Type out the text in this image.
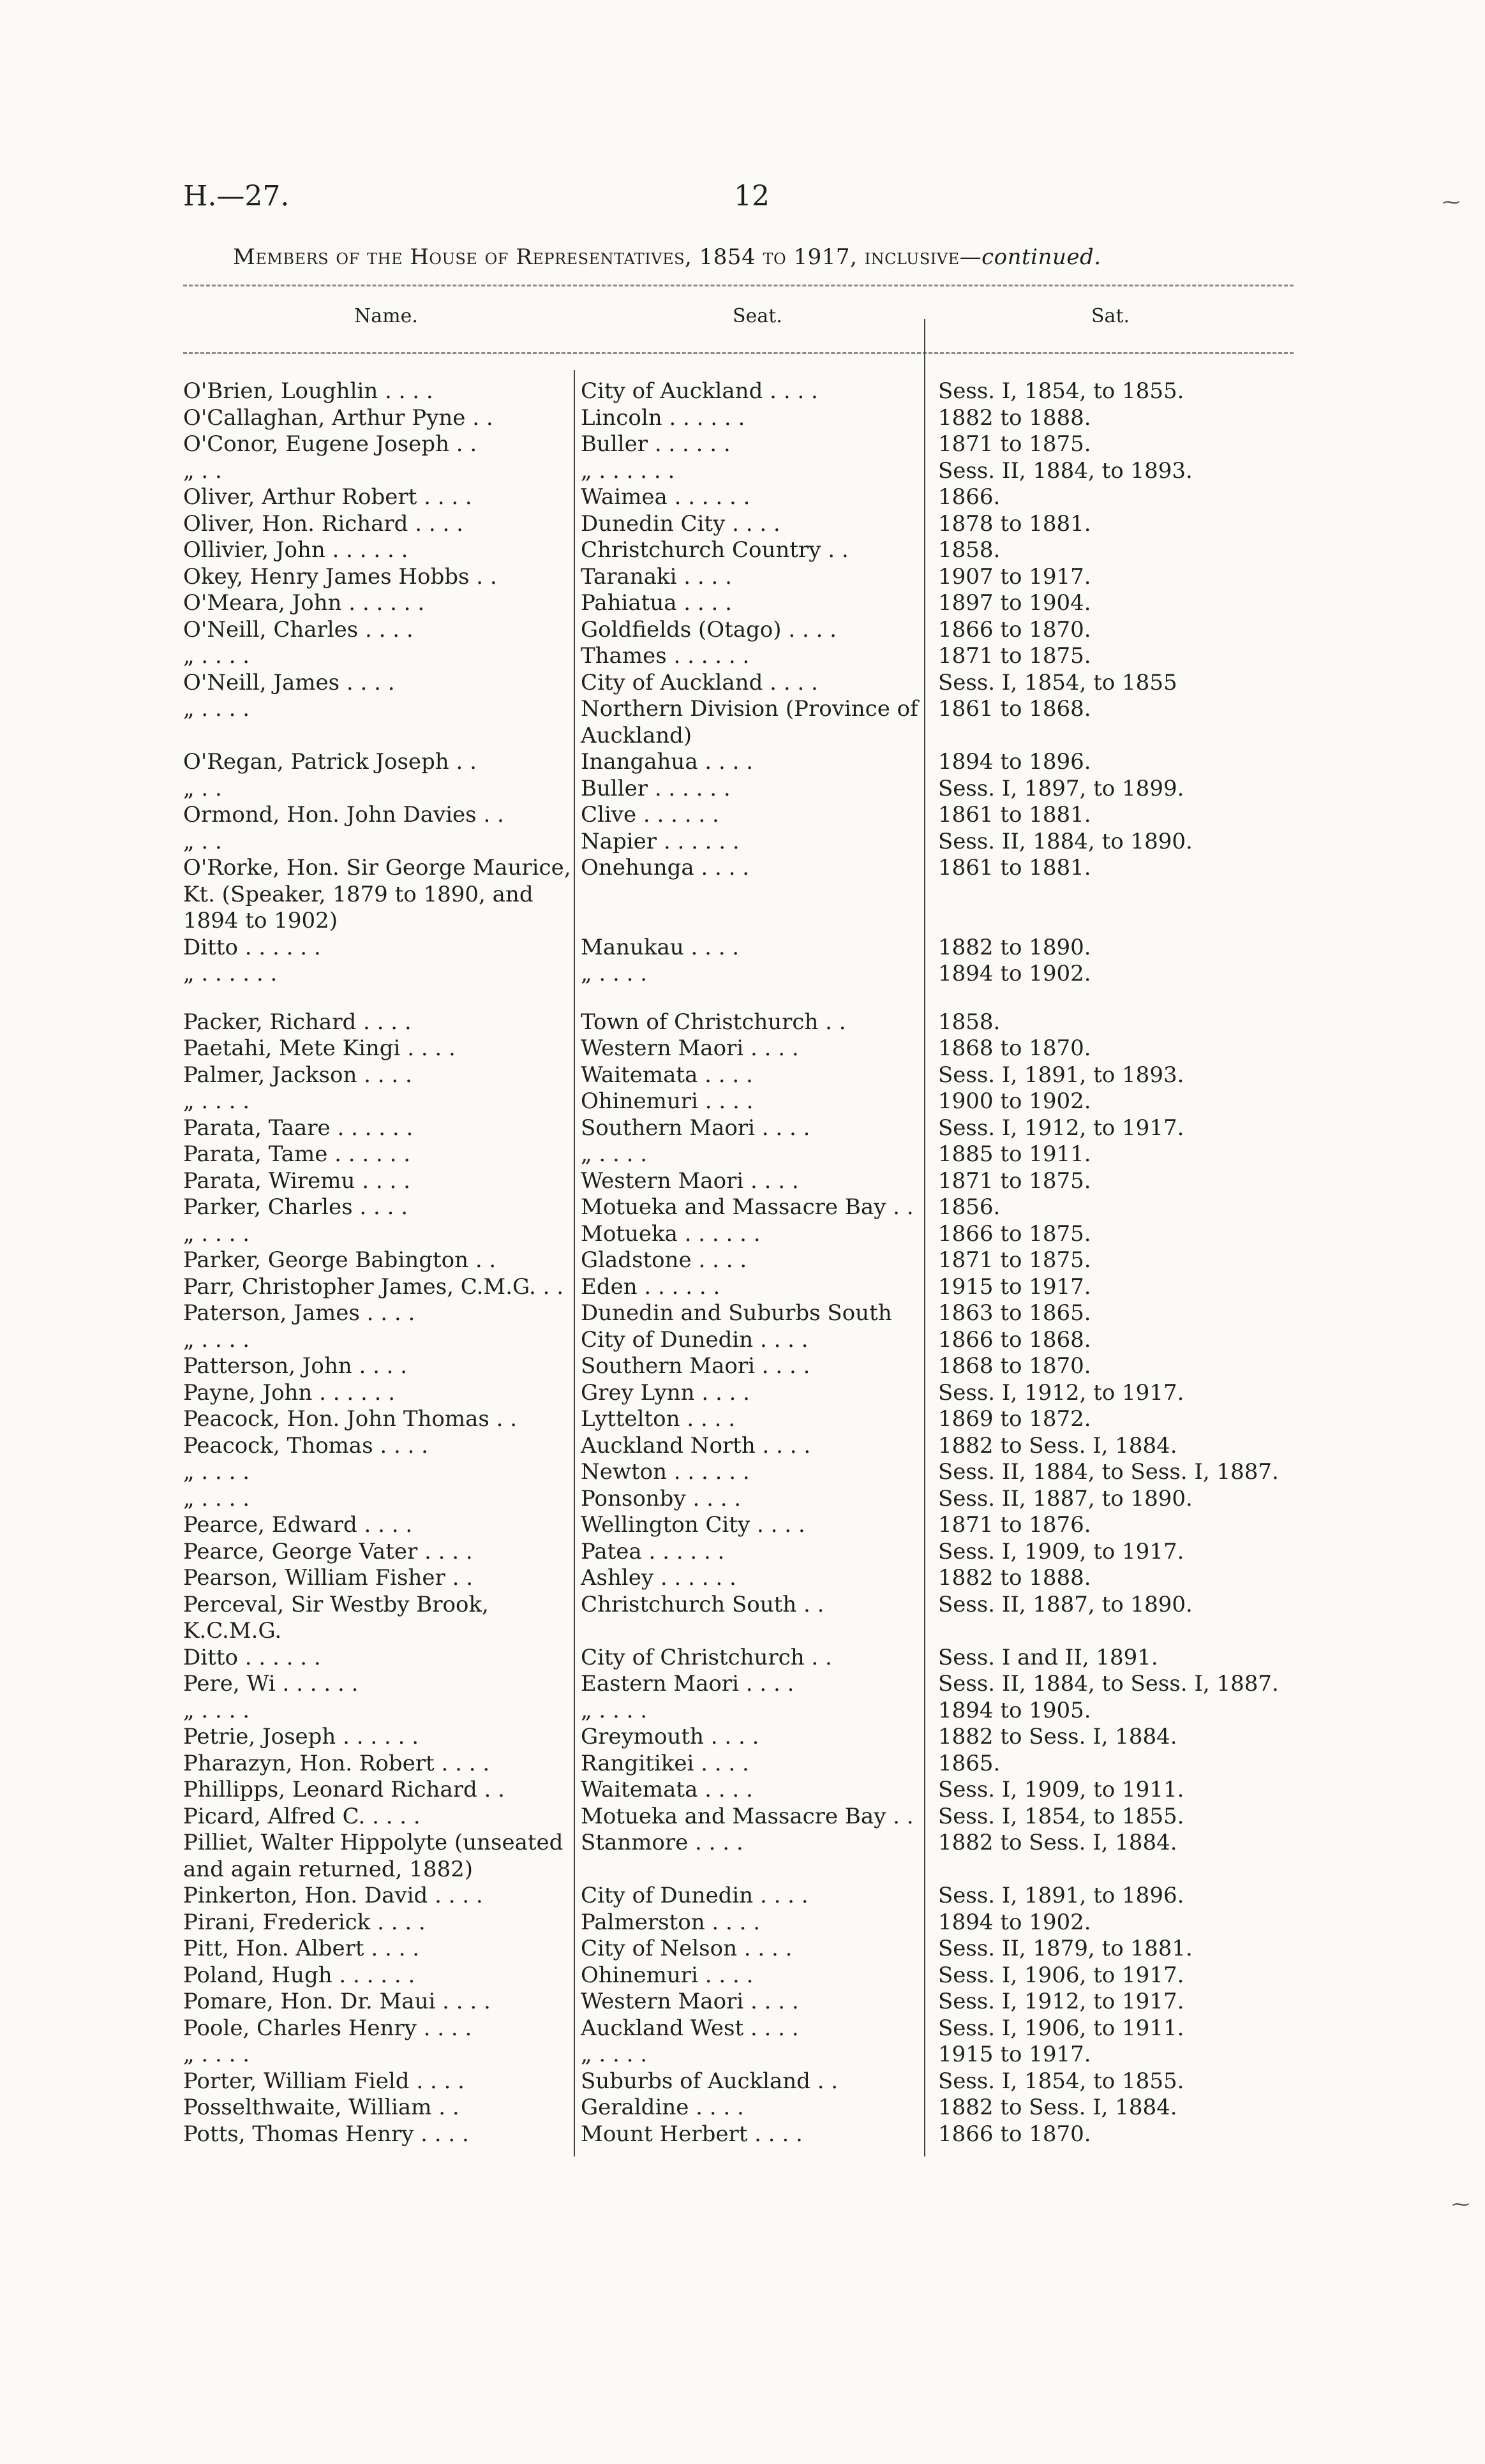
H.—27.	12
Members of the House of Representatives, 1854 to 1917, inclusive—continued.
Name.	Seat.	Sat.
O'Brien, Loughlin . . . .	City of Auckland . . . .	Sess. I, 1854, to 1855.
O'Callaghan, Arthur Pyne . .	Lincoln . . . . . .	1882 to 1888.
O'Conor, Eugene Joseph . .	Buller . . . . . .	1871 to 1875.
„ . .	„ . . . . . .	Sess. II, 1884, to 1893.
Oliver, Arthur Robert . . . .	Waimea . . . . . .	1866.
Oliver, Hon. Richard . . . .	Dunedin City . . . .	1878 to 1881.
Ollivier, John . . . . . .	Christchurch Country . .	1858.
Okey, Henry James Hobbs . .	Taranaki . . . .	1907 to 1917.
O'Meara, John . . . . . .	Pahiatua . . . .	1897 to 1904.
O'Neill, Charles . . . .	Goldfields (Otago) . . . .	1866 to 1870.
„ . . . .	Thames . . . . . .	1871 to 1875.
O'Neill, James . . . .	City of Auckland . . . .	Sess. I, 1854, to 1855
„ . . . .	Northern Division (Province of Auckland)	1861 to 1868.
O'Regan, Patrick Joseph . .	Inangahua . . . .	1894 to 1896.
„ . .	Buller . . . . . .	Sess. I, 1897, to 1899.
Ormond, Hon. John Davies . .	Clive . . . . . .	1861 to 1881.
„ . .	Napier . . . . . .	Sess. II, 1884, to 1890.
O'Rorke, Hon. Sir George Maurice, Kt. (Speaker, 1879 to 1890, and 1894 to 1902)	Onehunga . . . .	1861 to 1881.
Ditto . . . . . .	Manukau . . . .	1882 to 1890.
„ . . . . . .	„ . . . .	1894 to 1902.

Packer, Richard . . . .	Town of Christchurch . .	1858.
Paetahi, Mete Kingi . . . .	Western Maori . . . .	1868 to 1870.
Palmer, Jackson . . . .	Waitemata . . . .	Sess. I, 1891, to 1893.
„ . . . .	Ohinemuri . . . .	1900 to 1902.
Parata, Taare . . . . . .	Southern Maori . . . .	Sess. I, 1912, to 1917.
Parata, Tame . . . . . .	„ . . . .	1885 to 1911.
Parata, Wiremu . . . .	Western Maori . . . .	1871 to 1875.
Parker, Charles . . . .	Motueka and Massacre Bay . .	1856.
„ . . . .	Motueka . . . . . .	1866 to 1875.
Parker, George Babington . .	Gladstone . . . .	1871 to 1875.
Parr, Christopher James, C.M.G. . .	Eden . . . . . .	1915 to 1917.
Paterson, James . . . .	Dunedin and Suburbs South	1863 to 1865.
„ . . . .	City of Dunedin . . . .	1866 to 1868.
Patterson, John . . . .	Southern Maori . . . .	1868 to 1870.
Payne, John . . . . . .	Grey Lynn . . . .	Sess. I, 1912, to 1917.
Peacock, Hon. John Thomas . .	Lyttelton . . . .	1869 to 1872.
Peacock, Thomas . . . .	Auckland North . . . .	1882 to Sess. I, 1884.
„ . . . .	Newton . . . . . .	Sess. II, 1884, to Sess. I, 1887.
„ . . . .	Ponsonby . . . .	Sess. II, 1887, to 1890.
Pearce, Edward . . . .	Wellington City . . . .	1871 to 1876.
Pearce, George Vater . . . .	Patea . . . . . .	Sess. I, 1909, to 1917.
Pearson, William Fisher . .	Ashley . . . . . .	1882 to 1888.
Perceval, Sir Westby Brook, K.C.M.G.	Christchurch South . .	Sess. II, 1887, to 1890.
Ditto . . . . . .	City of Christchurch . .	Sess. I and II, 1891.
Pere, Wi . . . . . .	Eastern Maori . . . .	Sess. II, 1884, to Sess. I, 1887.
„ . . . .	„ . . . .	1894 to 1905.
Petrie, Joseph . . . . . .	Greymouth . . . .	1882 to Sess. I, 1884.
Pharazyn, Hon. Robert . . . .	Rangitikei . . . .	1865.
Phillipps, Leonard Richard . .	Waitemata . . . .	Sess. I, 1909, to 1911.
Picard, Alfred C. . . . .	Motueka and Massacre Bay . .	Sess. I, 1854, to 1855.
Pilliet, Walter Hippolyte (unseated and again returned, 1882)	Stanmore . . . .	1882 to Sess. I, 1884.
Pinkerton, Hon. David . . . .	City of Dunedin . . . .	Sess. I, 1891, to 1896.
Pirani, Frederick . . . .	Palmerston . . . .	1894 to 1902.
Pitt, Hon. Albert . . . .	City of Nelson . . . .	Sess. II, 1879, to 1881.
Poland, Hugh . . . . . .	Ohinemuri . . . .	Sess. I, 1906, to 1917.
Pomare, Hon. Dr. Maui . . . .	Western Maori . . . .	Sess. I, 1912, to 1917.
Poole, Charles Henry . . . .	Auckland West . . . .	Sess. I, 1906, to 1911.
„ . . . .	„ . . . .	1915 to 1917.
Porter, William Field . . . .	Suburbs of Auckland . .	Sess. I, 1854, to 1855.
Posselthwaite, William . .	Geraldine . . . .	1882 to Sess. I, 1884.
Potts, Thomas Henry . . . .	Mount Herbert . . . .	1866 to 1870.
⁓
⁓
